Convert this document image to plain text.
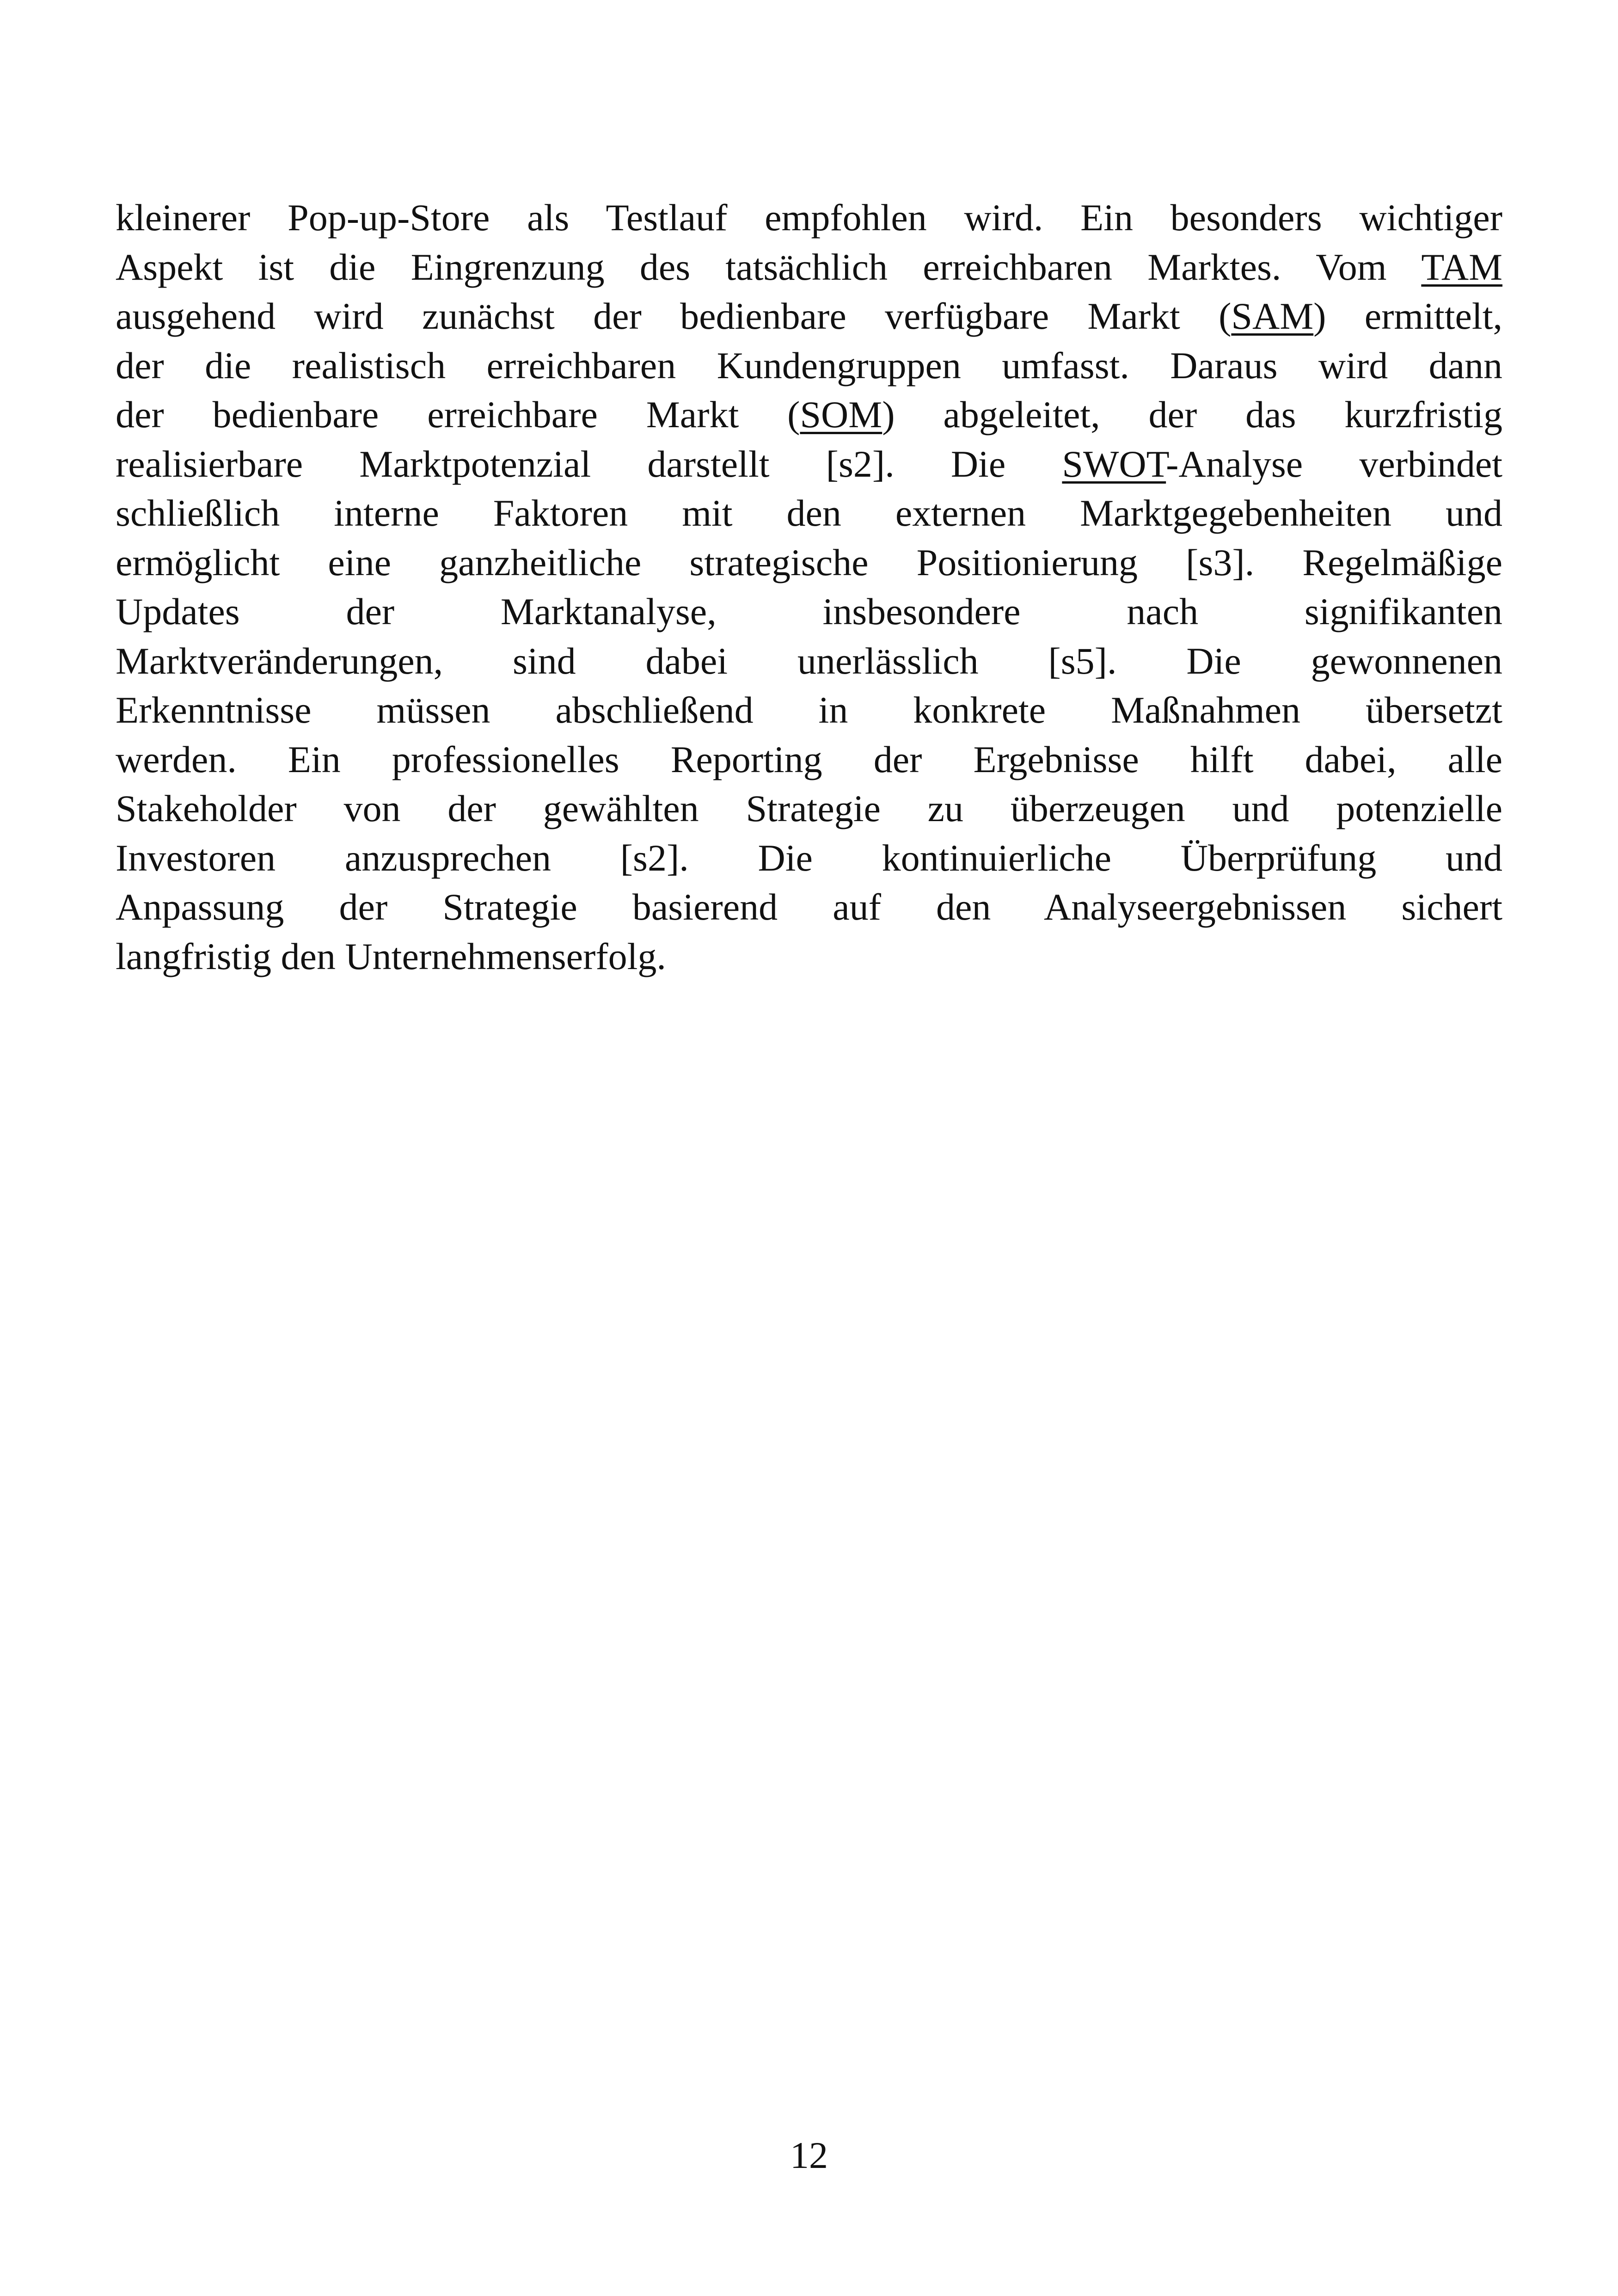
kleinerer Pop-up-Store als Testlauf empfohlen wird. Ein besonders wichtiger
Aspekt ist die Eingrenzung des tatsächlich erreichbaren Marktes. Vom TAM
ausgehend wird zunächst der bedienbare verfügbare Markt (SAM) ermittelt,
der die realistisch erreichbaren Kundengruppen umfasst. Daraus wird dann
der bedienbare erreichbare Markt (SOM) abgeleitet, der das kurzfristig
realisierbare Marktpotenzial darstellt [s2]. Die SWOT-Analyse verbindet
schließlich interne Faktoren mit den externen Marktgegebenheiten und
ermöglicht eine ganzheitliche strategische Positionierung [s3]. Regelmäßige
Updates der Marktanalyse, insbesondere nach signifikanten
Marktveränderungen, sind dabei unerlässlich [s5]. Die gewonnenen
Erkenntnisse müssen abschließend in konkrete Maßnahmen übersetzt
werden. Ein professionelles Reporting der Ergebnisse hilft dabei, alle
Stakeholder von der gewählten Strategie zu überzeugen und potenzielle
Investoren anzusprechen [s2]. Die kontinuierliche Überprüfung und
Anpassung der Strategie basierend auf den Analyseergebnissen sichert
langfristig den Unternehmenserfolg.
12
